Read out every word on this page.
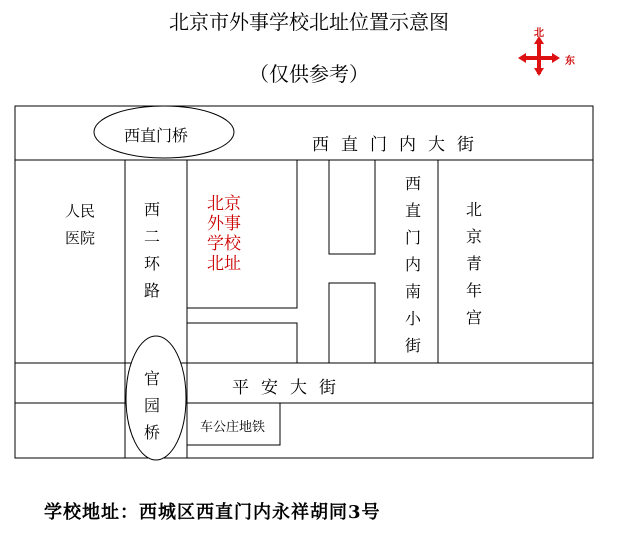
北京市外事学校北址位置示意图
（仅供参考）
北
东
西直门桥	西直门内大街
人民医院
西二环路
北京外事学校北址
西直门内南小街
北京青年宫
平安大街
官园桥	车公庄地铁
学校地址：西城区西直门内永祥胡同3号
